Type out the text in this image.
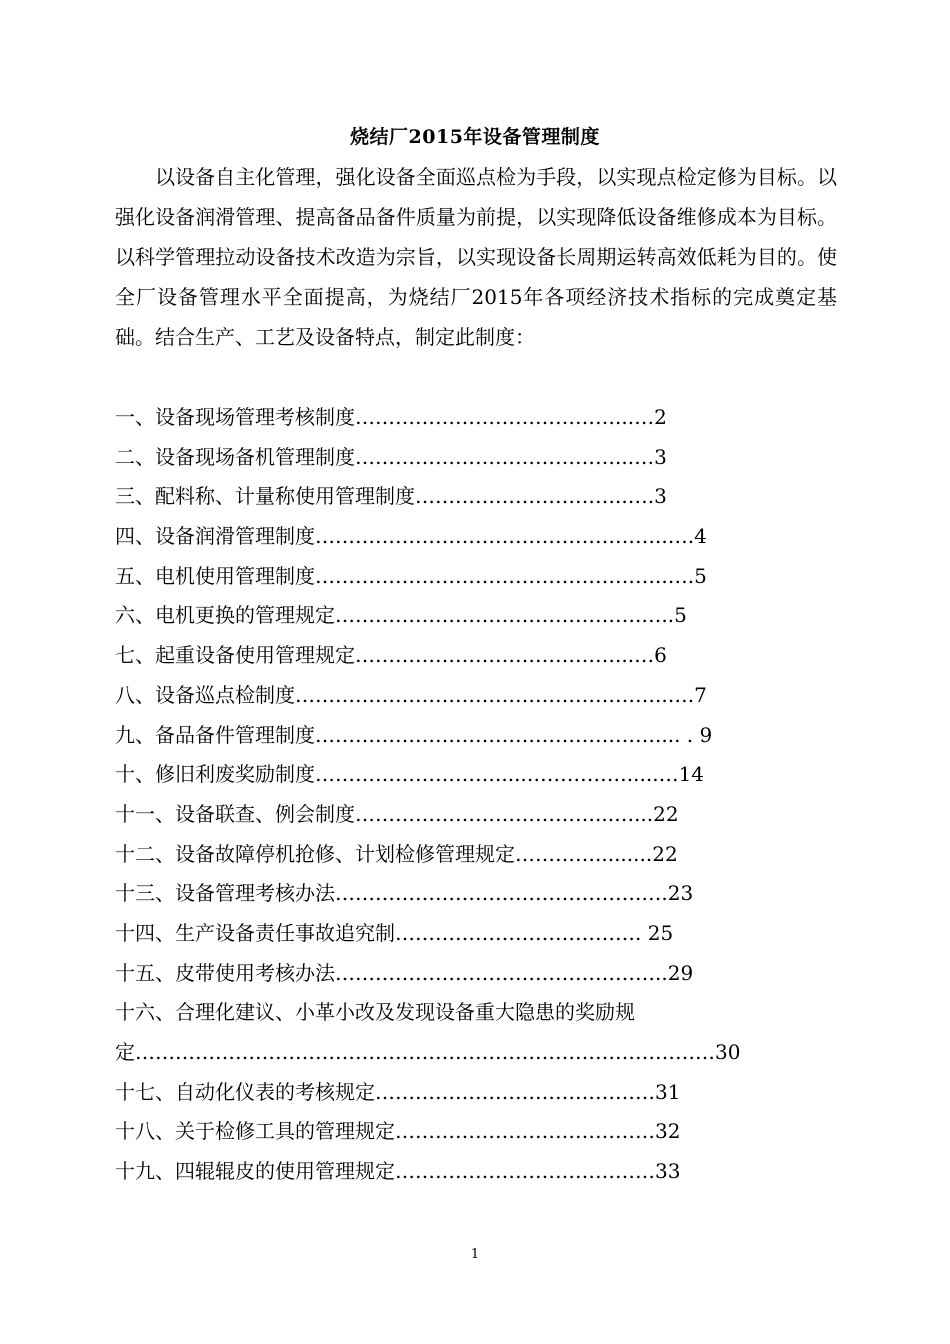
烧结厂2015年设备管理制度

以设备自主化管理，强化设备全面巡点检为手段，以实现点检定修为目标。以强化设备润滑管理、提高备品备件质量为前提，以实现降低设备维修成本为目标。以科学管理拉动设备技术改造为宗旨，以实现设备长周期运转高效低耗为目的。使全厂设备管理水平全面提高，为烧结厂2015年各项经济技术指标的完成奠定基础。结合生产、工艺及设备特点，制定此制度：

一、设备现场管理考核制度…………………………………...…2
二、设备现场备机管理制度…………………………………...…3
三、配料称、计量称使用管理制度…………………………..….3
四、设备润滑管理制度……………………………………………..….4
五、电机使用管理制度……………………………………………..….5
六、电机更换的管理规定……………………………………….…..5
七、起重设备使用管理规定…………………………………...…6
八、设备巡点检制度………………………………………………..….7
九、备品备件管理制度…………………………………………….... . 9
十、修旧利废奖励制度……………………….....…………….....…14
十一、设备联查、例会制度………………………………...…...22
十二、设备故障停机抢修、计划检修管理规定………….........22
十三、设备管理考核办法……………………………………….….23
十四、生产设备责任事故追究制………………………………. 25
十五、皮带使用考核办法…………………………………………..29
十六、合理化建议、小革小改及发现设备重大隐患的奖励规定……………………………………………………………………………30
十七、自动化仪表的考核规定……………………………………31
十八、关于检修工具的管理规定…………………………………32
十九、四辊辊皮的使用管理规定…………………………………33
1
